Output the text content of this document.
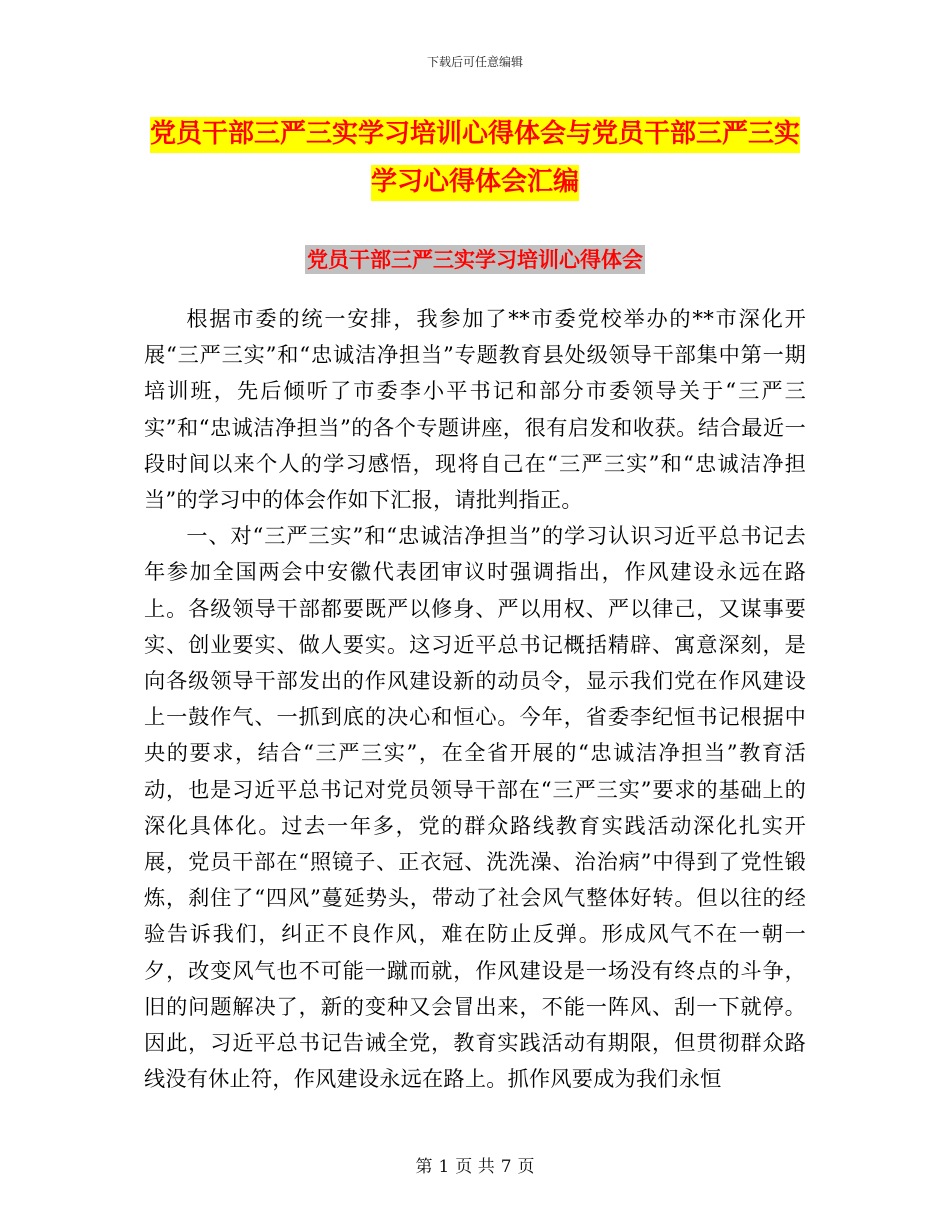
下载后可任意编辑
党员干部三严三实学习培训心得体会与党员干部三严三实学习心得体会汇编
党员干部三严三实学习培训心得体会

根据市委的统一安排，我参加了**市委党校举办的**市深化开展“三严三实”和“忠诚洁净担当”专题教育县处级领导干部集中第一期培训班，先后倾听了市委李小平书记和部分市委领导关于“三严三实”和“忠诚洁净担当”的各个专题讲座，很有启发和收获。结合最近一段时间以来个人的学习感悟，现将自己在“三严三实”和“忠诚洁净担当”的学习中的体会作如下汇报，请批判指正。

一、对“三严三实”和“忠诚洁净担当”的学习认识习近平总书记去年参加全国两会中安徽代表团审议时强调指出，作风建设永远在路上。各级领导干部都要既严以修身、严以用权、严以律己，又谋事要实、创业要实、做人要实。这习近平总书记概括精辟、寓意深刻，是向各级领导干部发出的作风建设新的动员令，显示我们党在作风建设上一鼓作气、一抓到底的决心和恒心。今年，省委李纪恒书记根据中央的要求，结合“三严三实”，在全省开展的“忠诚洁净担当”教育活动，也是习近平总书记对党员领导干部在“三严三实”要求的基础上的深化具体化。过去一年多，党的群众路线教育实践活动深化扎实开展，党员干部在“照镜子、正衣冠、洗洗澡、治治病”中得到了党性锻炼，刹住了“四风”蔓延势头，带动了社会风气整体好转。但以往的经验告诉我们，纠正不良作风，难在防止反弹。形成风气不在一朝一夕，改变风气也不可能一蹴而就，作风建设是一场没有终点的斗争，旧的问题解决了，新的变种又会冒出来，不能一阵风、刮一下就停。因此，习近平总书记告诫全党，教育实践活动有期限，但贯彻群众路线没有休止符，作风建设永远在路上。抓作风要成为我们永恒

第 1 页 共 7 页
